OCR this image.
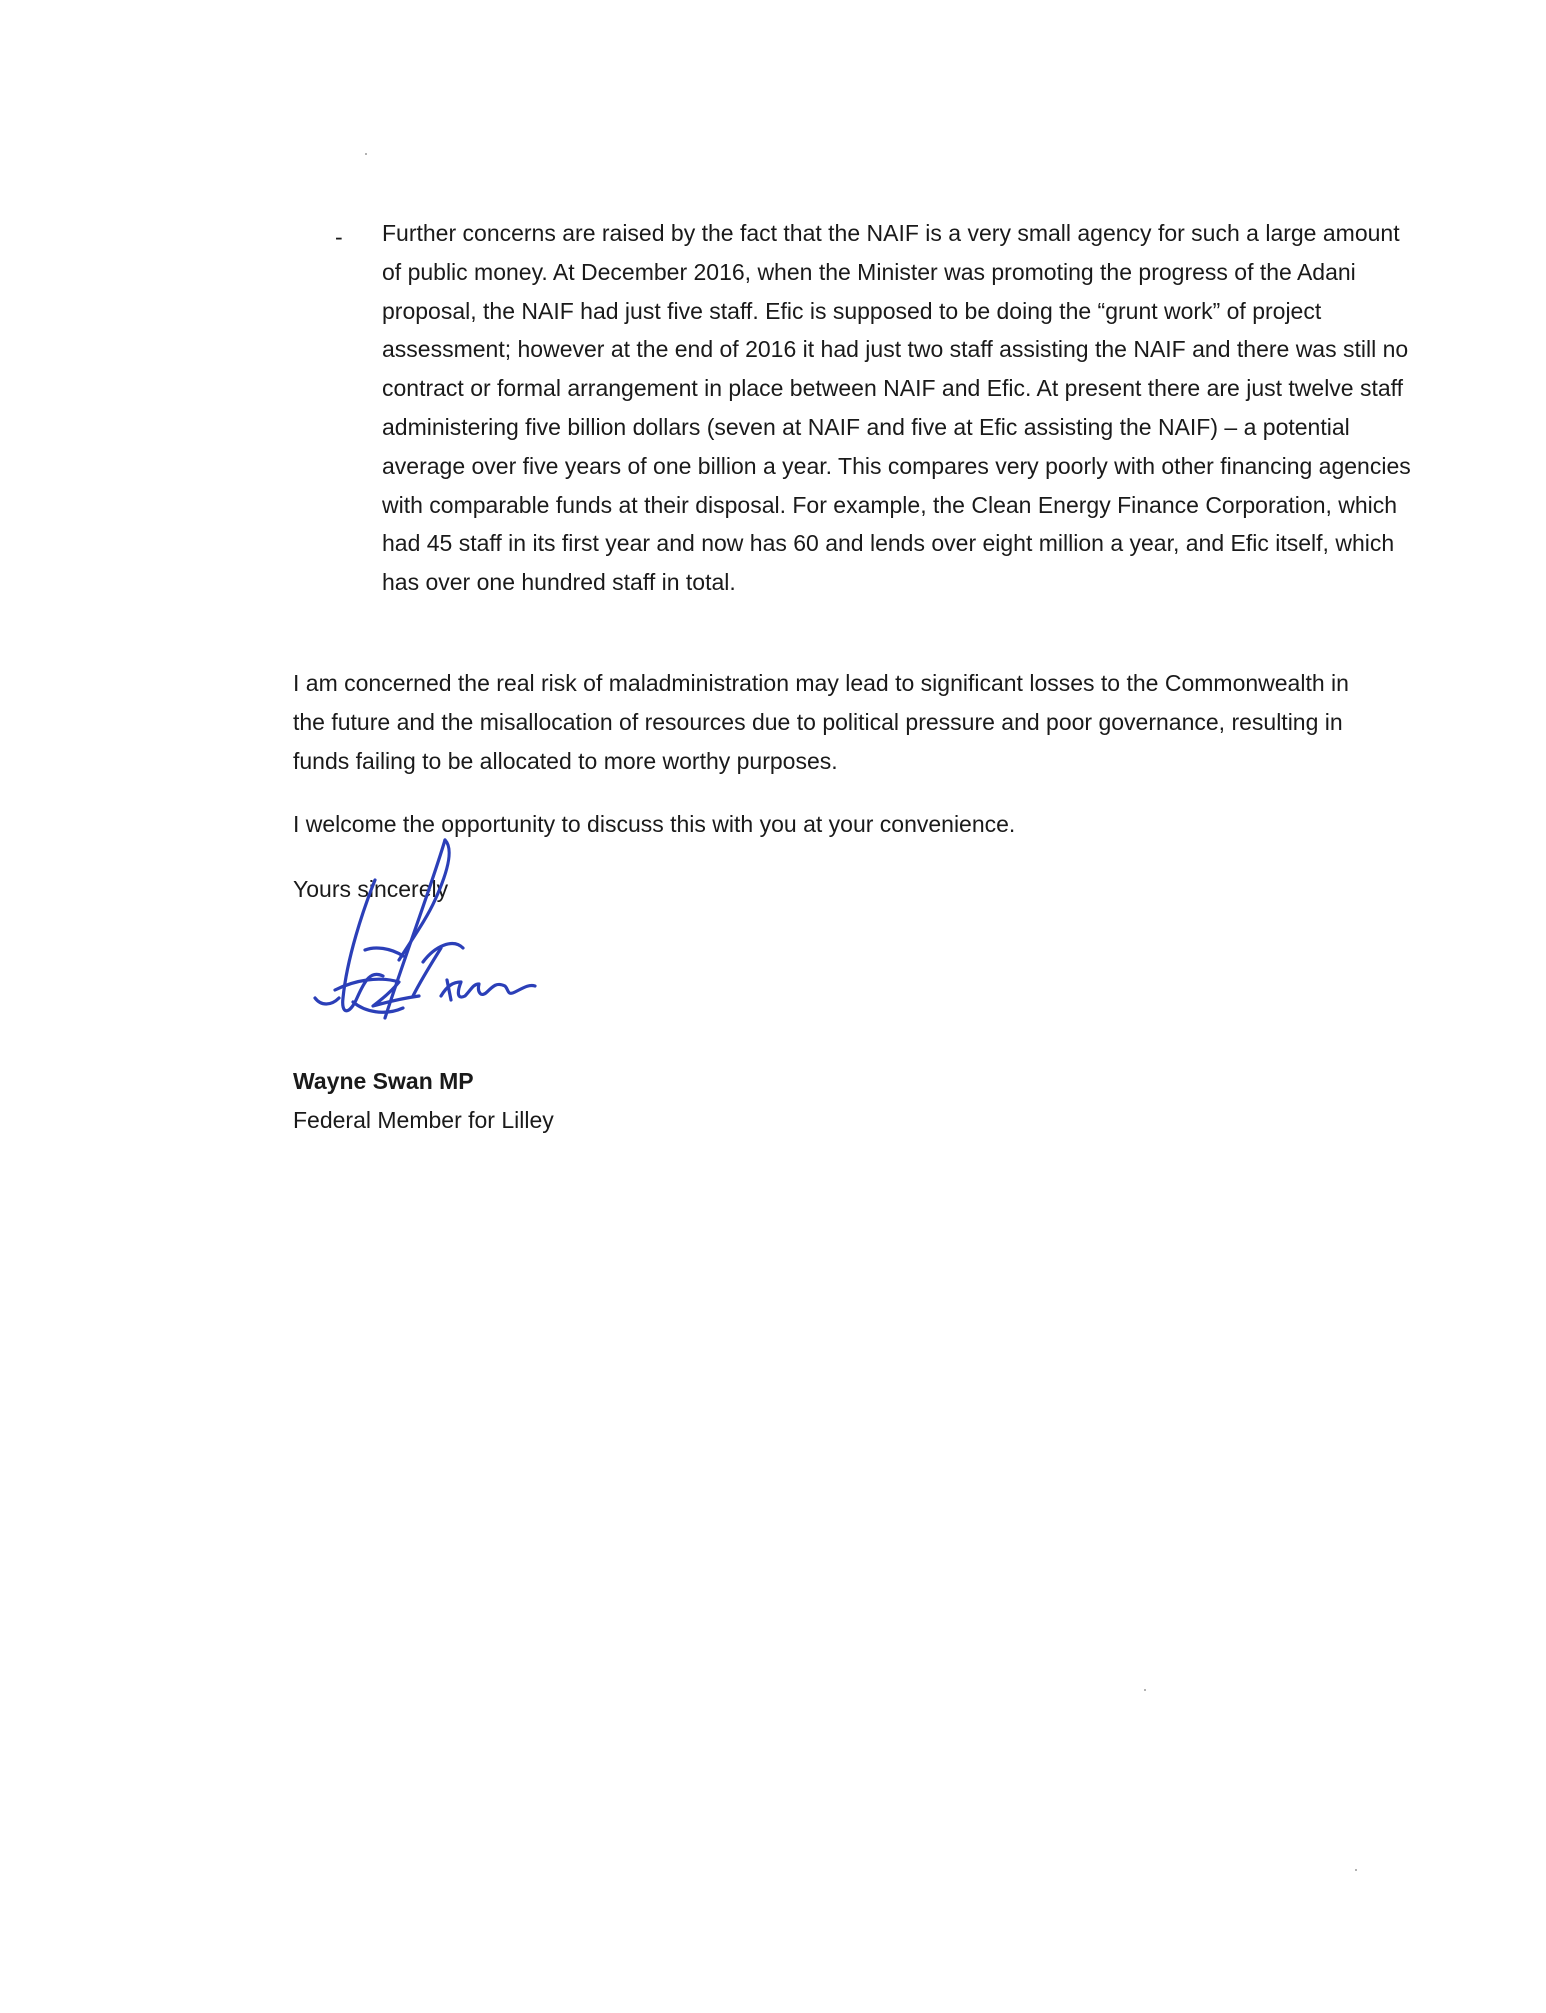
- Further concerns are raised by the fact that the NAIF is a very small agency for such a large amount of public money. At December 2016, when the Minister was promoting the progress of the Adani proposal, the NAIF had just five staff. Efic is supposed to be doing the “grunt work” of project assessment; however at the end of 2016 it had just two staff assisting the NAIF and there was still no contract or formal arrangement in place between NAIF and Efic. At present there are just twelve staff administering five billion dollars (seven at NAIF and five at Efic assisting the NAIF) – a potential average over five years of one billion a year. This compares very poorly with other financing agencies with comparable funds at their disposal. For example, the Clean Energy Finance Corporation, which had 45 staff in its first year and now has 60 and lends over eight million a year, and Efic itself, which has over one hundred staff in total.
I am concerned the real risk of maladministration may lead to significant losses to the Commonwealth in the future and the misallocation of resources due to political pressure and poor governance, resulting in funds failing to be allocated to more worthy purposes.
I welcome the opportunity to discuss this with you at your convenience.
Yours sincerely
Wayne Swan MP
Federal Member for Lilley
